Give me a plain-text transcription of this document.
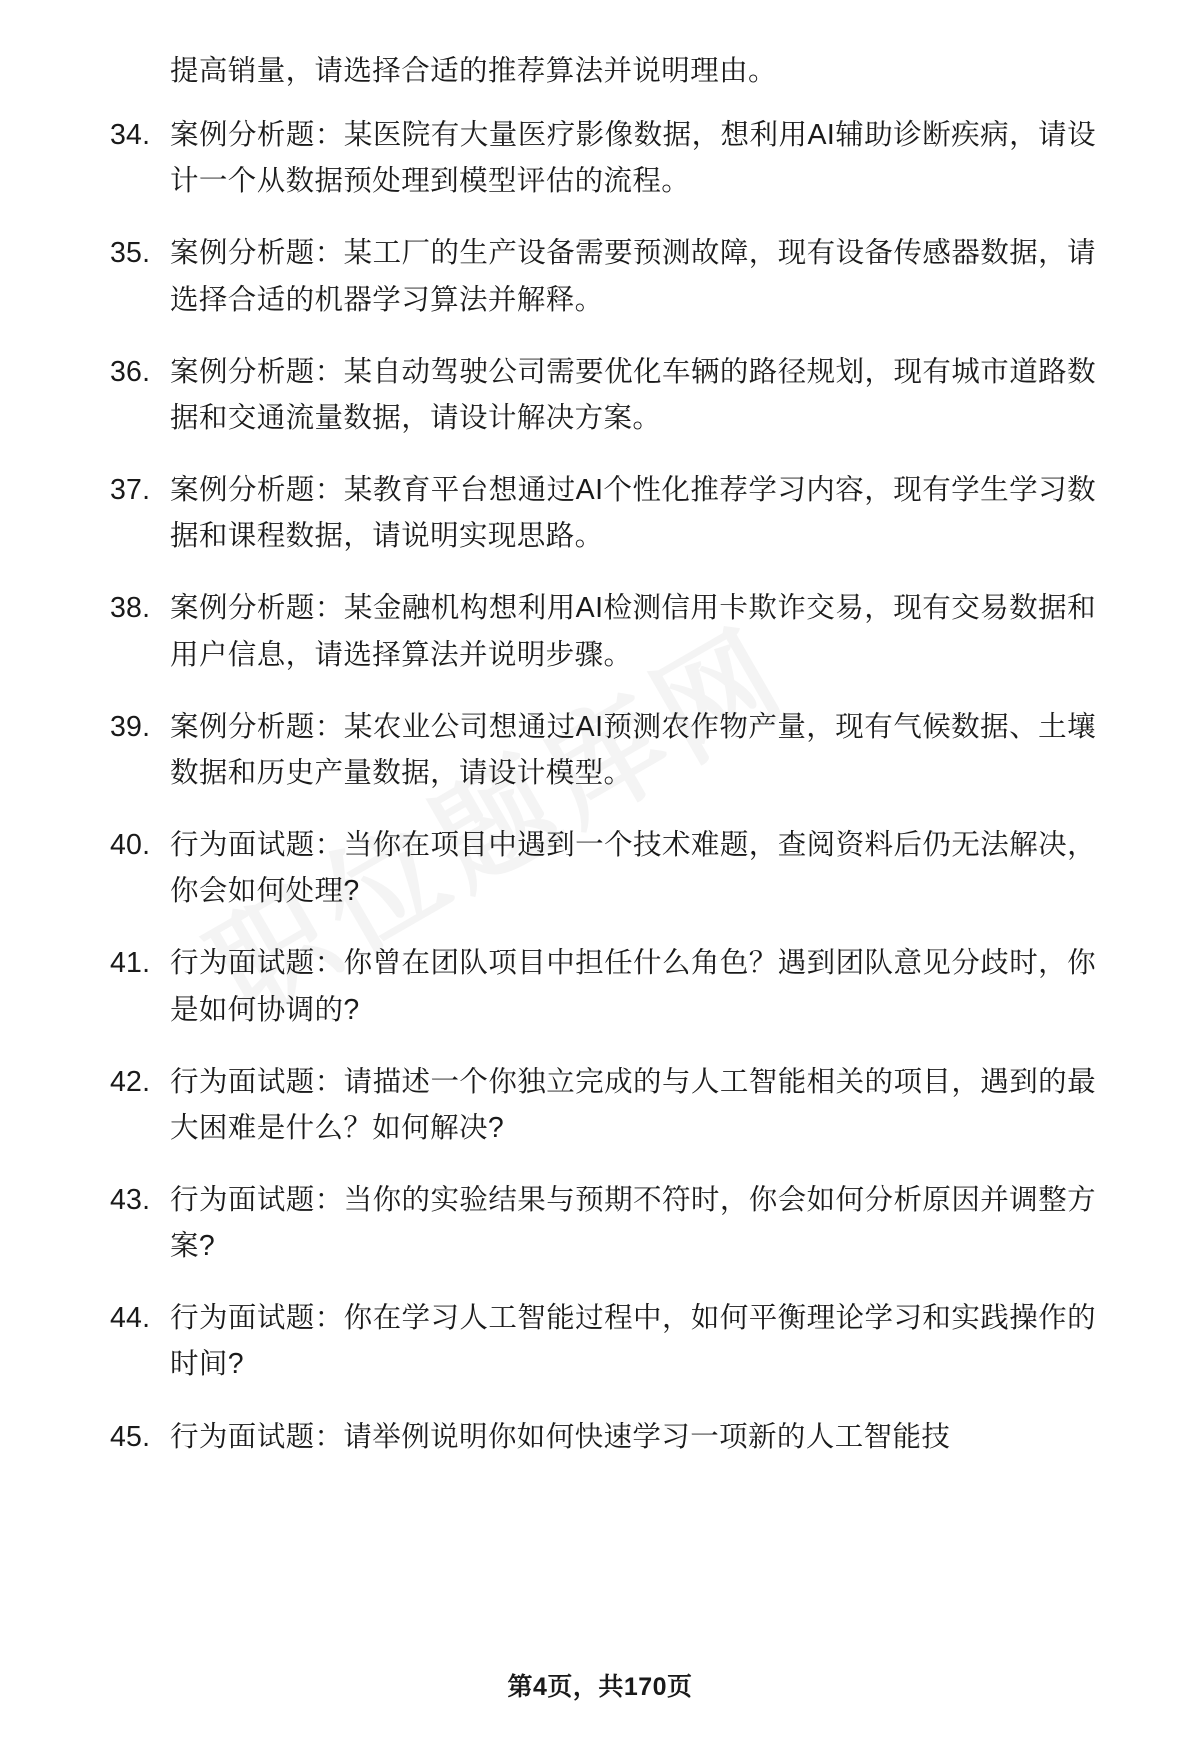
提高销量，请选择合适的推荐算法并说明理由。

34. 案例分析题：某医院有大量医疗影像数据，想利用AI辅助诊断疾病，请设计一个从数据预处理到模型评估的流程。
35. 案例分析题：某工厂的生产设备需要预测故障，现有设备传感器数据，请选择合适的机器学习算法并解释。
36. 案例分析题：某自动驾驶公司需要优化车辆的路径规划，现有城市道路数据和交通流量数据，请设计解决方案。
37. 案例分析题：某教育平台想通过AI个性化推荐学习内容，现有学生学习数据和课程数据，请说明实现思路。
38. 案例分析题：某金融机构想利用AI检测信用卡欺诈交易，现有交易数据和用户信息，请选择算法并说明步骤。
39. 案例分析题：某农业公司想通过AI预测农作物产量，现有气候数据、土壤数据和历史产量数据，请设计模型。
40. 行为面试题：当你在项目中遇到一个技术难题，查阅资料后仍无法解决，你会如何处理?
41. 行为面试题：你曾在团队项目中担任什么角色？遇到团队意见分歧时，你是如何协调的?
42. 行为面试题：请描述一个你独立完成的与人工智能相关的项目，遇到的最大困难是什么？如何解决?
43. 行为面试题：当你的实验结果与预期不符时，你会如何分析原因并调整方案?
44. 行为面试题：你在学习人工智能过程中，如何平衡理论学习和实践操作的时间?
45. 行为面试题：请举例说明你如何快速学习一项新的人工智能技
第4页，共170页
